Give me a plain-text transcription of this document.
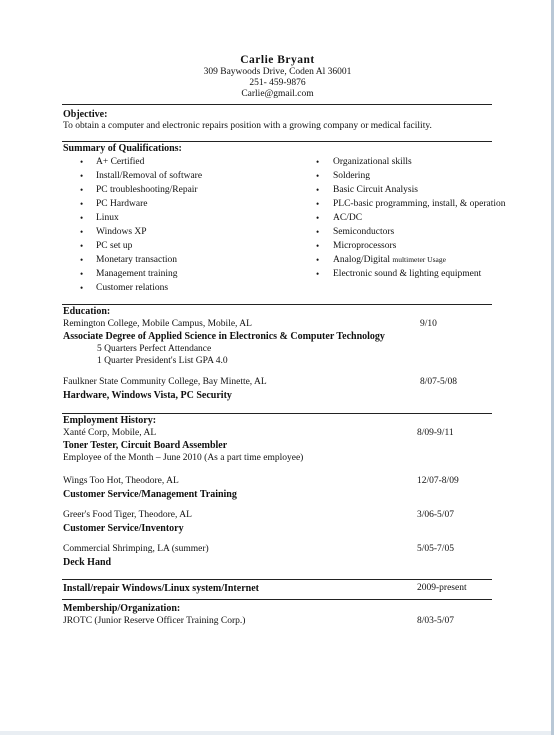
Carlie Bryant
309 Baywoods Drive, Coden Al 36001
251- 459-9876
Carlie@gmail.com
Objective:
To obtain a computer and electronic repairs position with a growing company or medical facility.
Summary of Qualifications:
• A+ Certified
• Install/Removal of software
• PC troubleshooting/Repair
• PC Hardware
• Linux
• Windows XP
• PC set up
• Monetary transaction
• Management training
• Customer relations
• Organizational skills
• Soldering
• Basic Circuit Analysis
• PLC-basic programming, install, & operation
• AC/DC
• Semiconductors
• Microprocessors
• Analog/Digital multimeter Usage
• Electronic sound & lighting equipment
Education:
Remington College, Mobile Campus, Mobile, AL	9/10
Associate Degree of Applied Science in Electronics & Computer Technology
5 Quarters Perfect Attendance
1 Quarter President's List GPA 4.0
Faulkner State Community College, Bay Minette, AL	8/07-5/08
Hardware, Windows Vista, PC Security
Employment History:
Xanté Corp, Mobile, AL	8/09-9/11
Toner Tester, Circuit Board Assembler
Employee of the Month – June 2010 (As a part time employee)
Wings Too Hot, Theodore, AL	12/07-8/09
Customer Service/Management Training
Greer's Food Tiger, Theodore, AL	3/06-5/07
Customer Service/Inventory
Commercial Shrimping, LA (summer)	5/05-7/05
Deck Hand
Install/repair Windows/Linux system/Internet	2009-present
Membership/Organization:
JROTC (Junior Reserve Officer Training Corp.)	8/03-5/07
